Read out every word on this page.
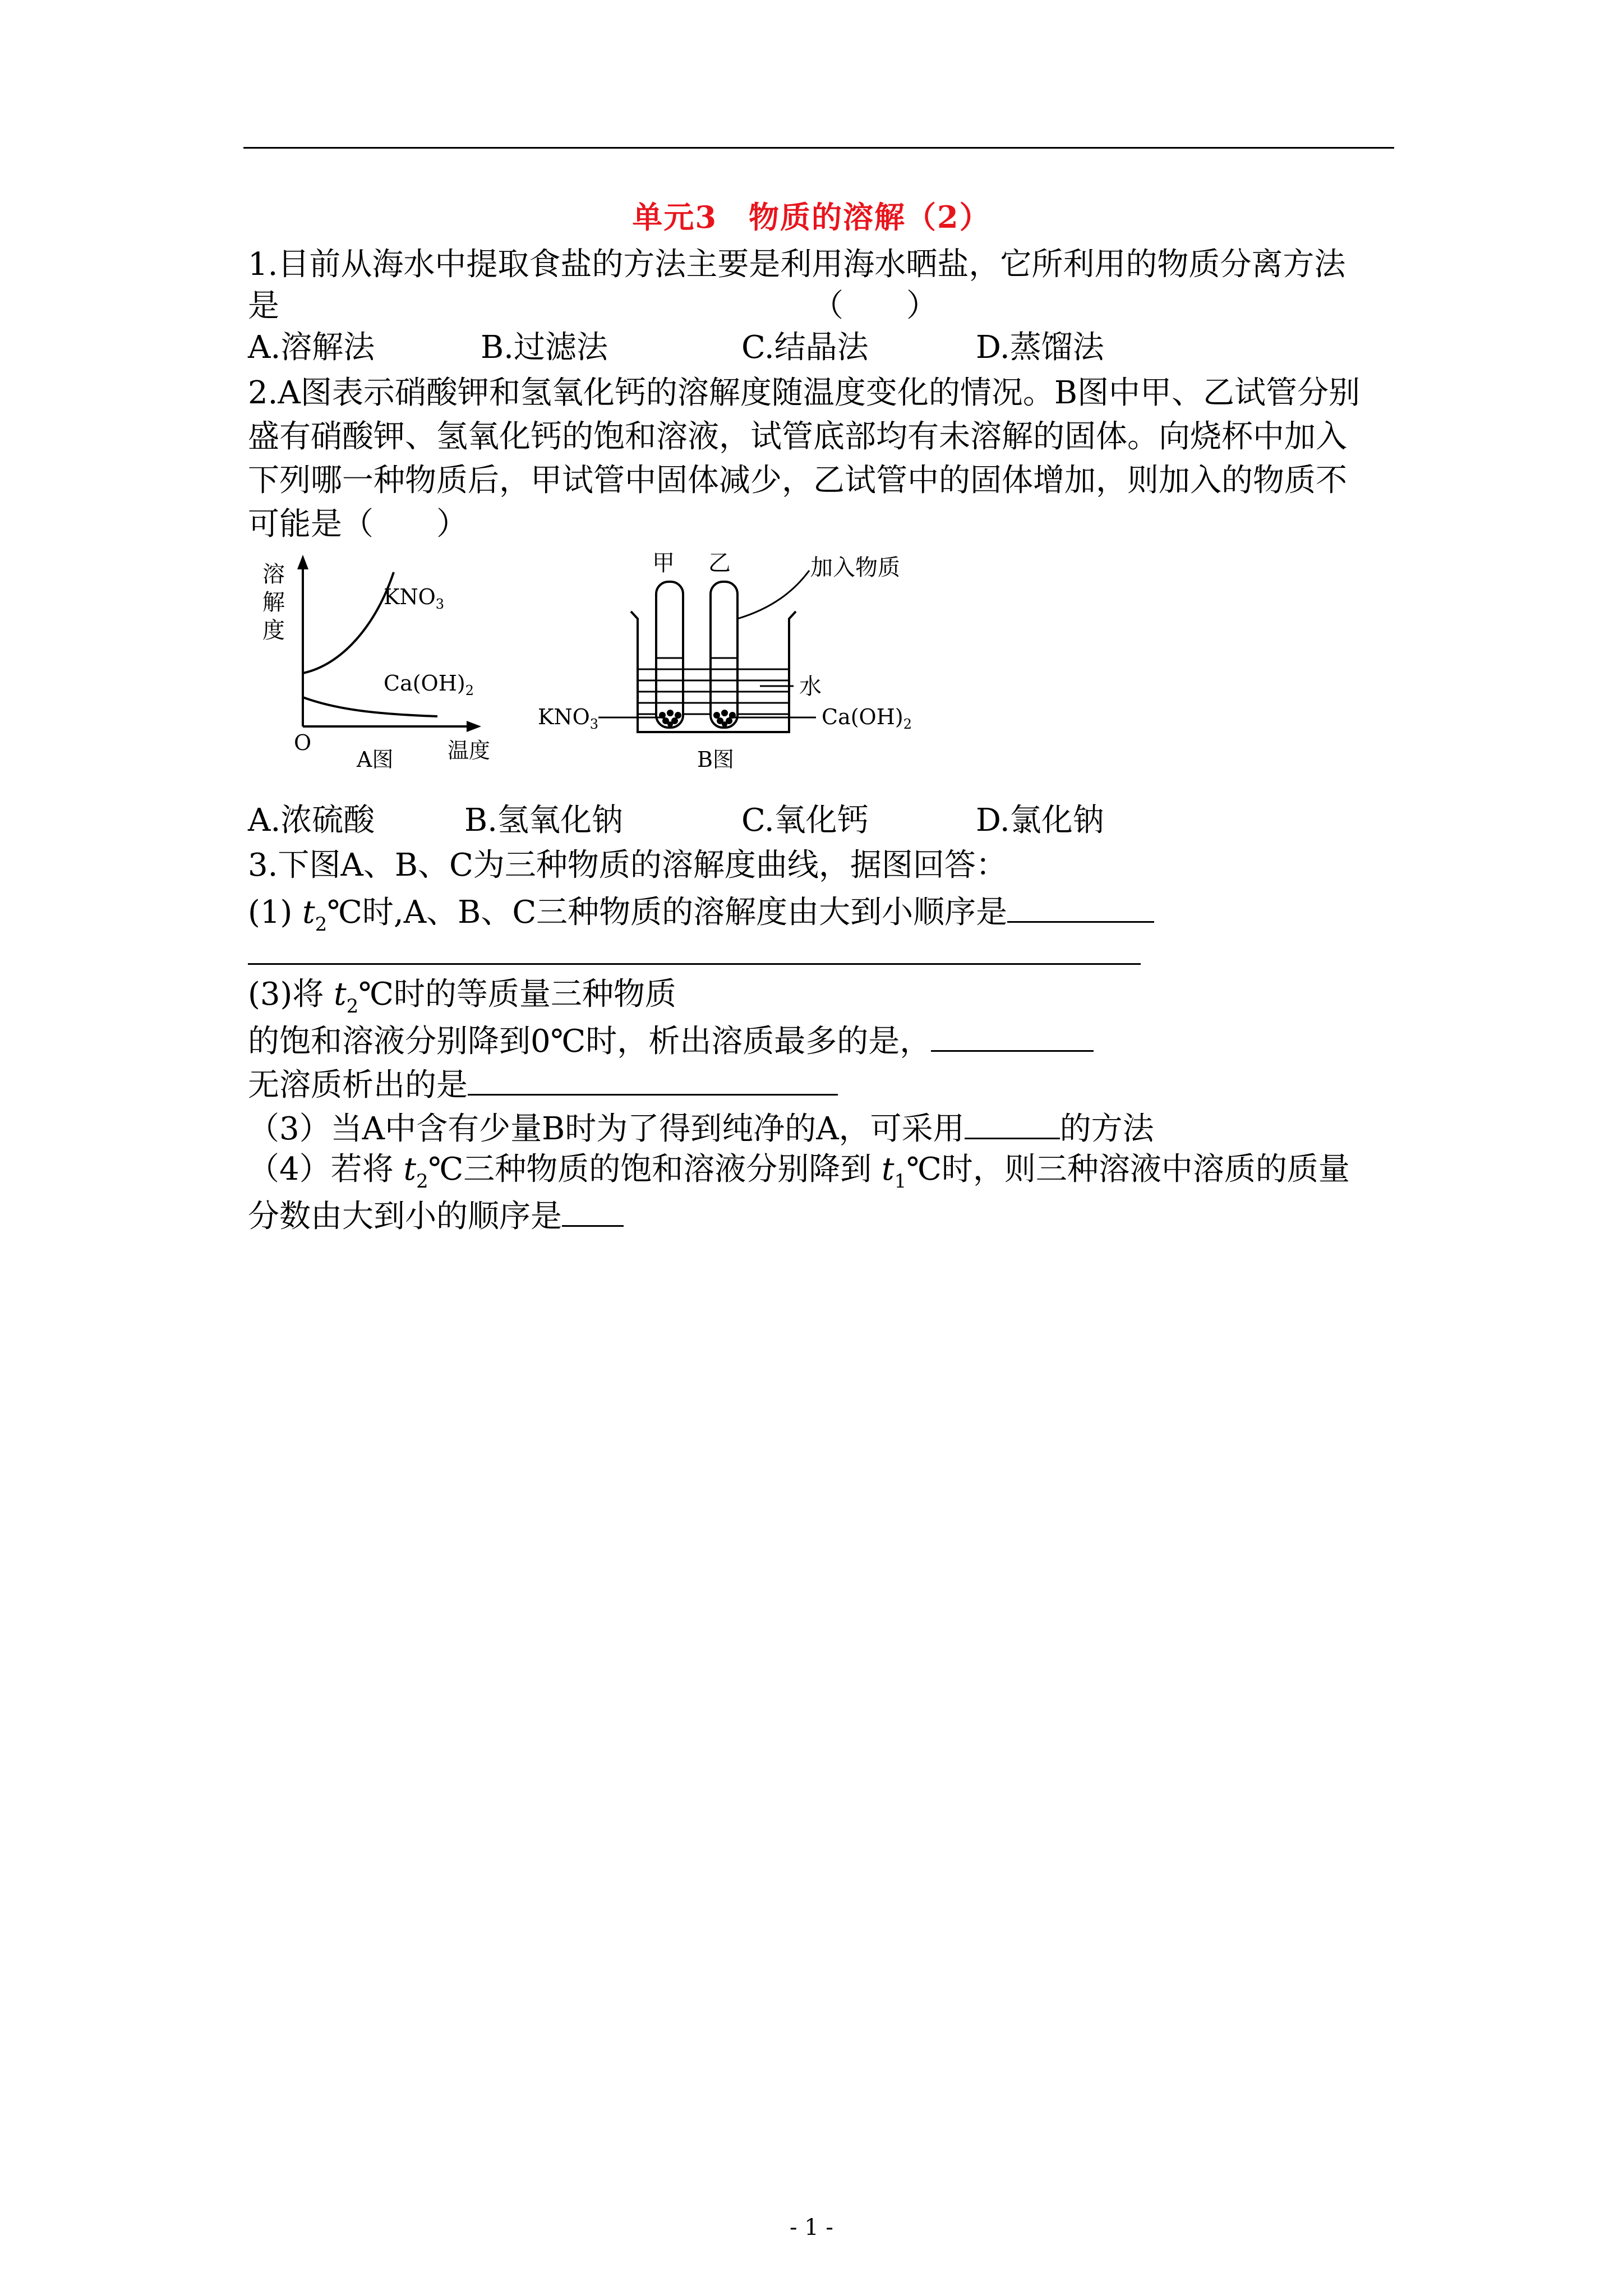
单元3　物质的溶解（2）
1.目前从海水中提取食盐的方法主要是利用海水晒盐，它所利用的物质分离方法
是	（　　）
A.溶解法	B.过滤法	C.结晶法	D.蒸馏法
2.A图表示硝酸钾和氢氧化钙的溶解度随温度变化的情况。B图中甲、乙试管分别
盛有硝酸钾、氢氧化钙的饱和溶液，试管底部均有未溶解的固体。向烧杯中加入
下列哪一种物质后，甲试管中固体减少，乙试管中的固体增加，则加入的物质不
可能是（　　）
溶
解
度
O	温度
$KNO_3$
$Ca(OH)_2$
A图
甲 乙	加入物质
水
$KNO_3$	$Ca(OH)_2$
B图
A.浓硫酸	B.氢氧化钠	C.氧化钙	D.氯化钠
3.下图A、B、C为三种物质的溶解度曲线，据图回答：
(1) $t_2℃$时,A、B、C三种物质的溶解度由大到小顺序是
(3)将 $t_2℃$时的等质量三种物质
的饱和溶液分别降到0℃时，析出溶质最多的是，
无溶质析出的是
（3）当A中含有少量B时为了得到纯净的A，可采用	的方法
（4）若将 $t_2℃$三种物质的饱和溶液分别降到 $t_1℃$时，则三种溶液中溶质的质量
分数由大到小的顺序是
- 1 -
